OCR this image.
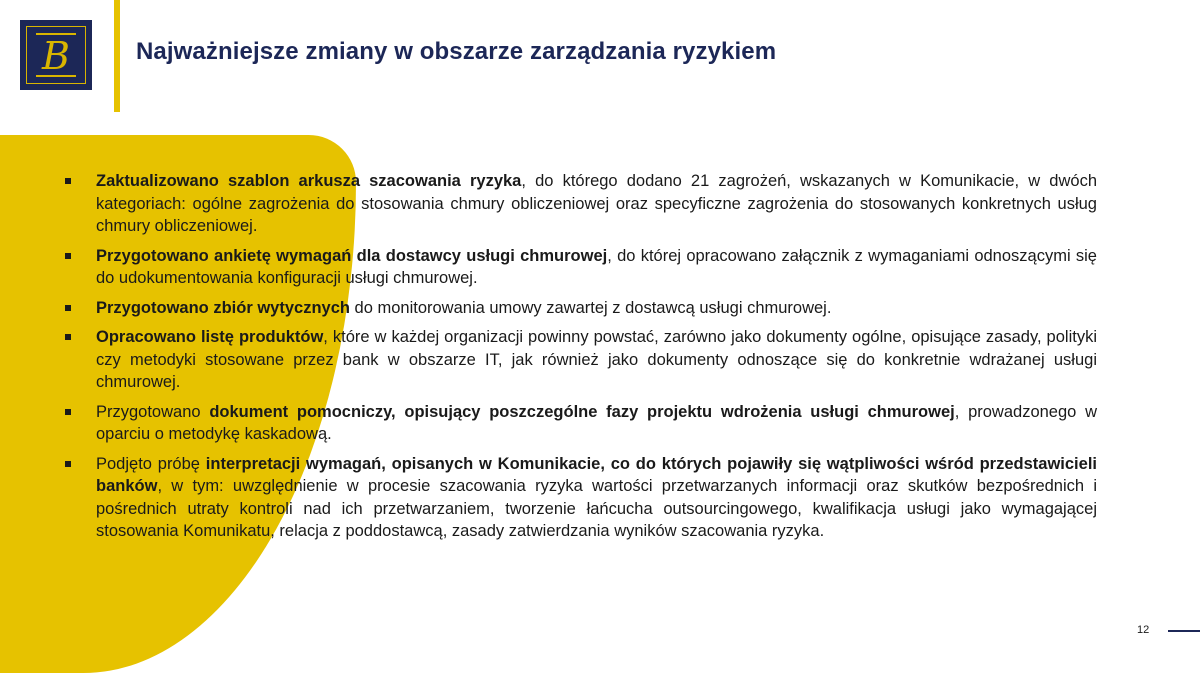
B	Najważniejsze zmiany w obszarze zarządzania ryzykiem
Zaktualizowano szablon arkusza szacowania ryzyka, do którego dodano 21 zagrożeń, wskazanych w Komunikacie, w dwóch kategoriach: ogólne zagrożenia do stosowania chmury obliczeniowej oraz specyficzne zagrożenia do stosowanych konkretnych usług chmury obliczeniowej.
Przygotowano ankietę wymagań dla dostawcy usługi chmurowej, do której opracowano załącznik z wymaganiami odnoszącymi się do udokumentowania konfiguracji usługi chmurowej.
Przygotowano zbiór wytycznych do monitorowania umowy zawartej z dostawcą usługi chmurowej.
Opracowano listę produktów, które w każdej organizacji powinny powstać, zarówno jako dokumenty ogólne, opisujące zasady, polityki czy metodyki stosowane przez bank w obszarze IT, jak również jako dokumenty odnoszące się do konkretnie wdrażanej usługi chmurowej.
Przygotowano dokument pomocniczy, opisujący poszczególne fazy projektu wdrożenia usługi chmurowej, prowadzonego w oparciu o metodykę kaskadową.
Podjęto próbę interpretacji wymagań, opisanych w Komunikacie, co do których pojawiły się wątpliwości wśród przedstawicieli banków, w tym: uwzględnienie w procesie szacowania ryzyka wartości przetwarzanych informacji oraz skutków bezpośrednich i pośrednich utraty kontroli nad ich przetwarzaniem, tworzenie łańcucha outsourcingowego, kwalifikacja usługi jako wymagającej stosowania Komunikatu, relacja z poddostawcą, zasady zatwierdzania wyników szacowania ryzyka.
12
